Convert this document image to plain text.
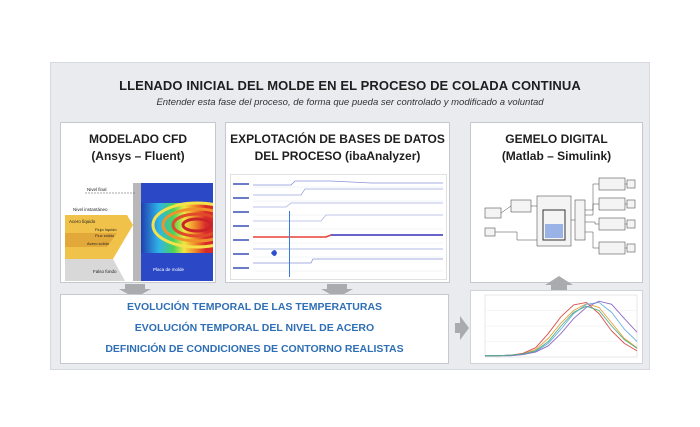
LLENADO INICIAL DEL MOLDE EN EL PROCESO DE COLADA CONTINUA
Entender esta fase del proceso, de forma que pueda ser controlado y modificado a voluntad
MODELADO CFD
(Ansys – Fluent)
Nivel final
Nivel instantáneo
Acero líquido
Flujo líquido
Flux sólido
Acero sólido
Falso fondo	Placa de molde
EXPLOTACIÓN DE BASES DE DATOS
DEL PROCESO (ibaAnalyzer)
GEMELO DIGITAL
(Matlab – Simulink)
EVOLUCIÓN TEMPORAL DE LAS TEMPERATURAS
EVOLUCIÓN TEMPORAL DEL NIVEL DE ACERO
DEFINICIÓN DE CONDICIONES DE CONTORNO REALISTAS
